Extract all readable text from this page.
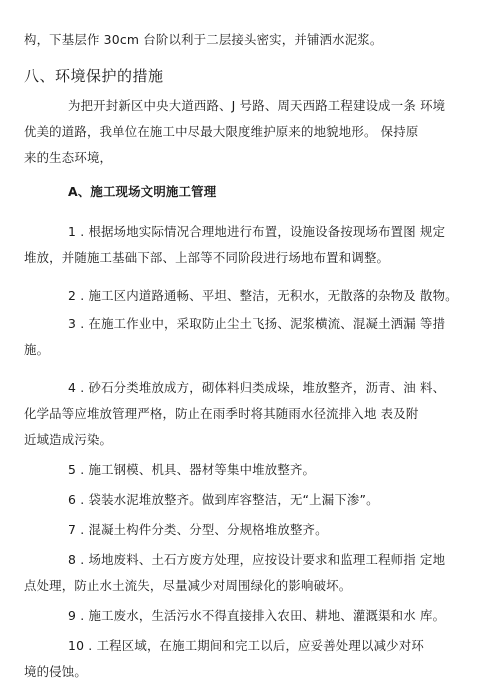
构，下基层作 30cm 台阶以利于二层接头密实，并铺洒水泥浆。
八、环境保护的措施
为把开封新区中央大道西路、J 号路、周天西路工程建设成一条 环境
优美的道路，我单位在施工中尽最大限度维护原来的地貌地形。 保持原
来的生态环境，
A、施工现场文明施工管理
1 . 根据场地实际情况合理地进行布置，设施设备按现场布置图 规定
堆放，并随施工基础下部、上部等不同阶段进行场地布置和调整。
2 . 施工区内道路通畅、平坦、整洁，无积水，无散落的杂物及 散物。
3 . 在施工作业中，采取防止尘土飞扬、泥浆横流、混凝土洒漏 等措
施。
4 . 砂石分类堆放成方，砌体料归类成垛，堆放整齐，沥青、油 料、
化学品等应堆放管理严格，防止在雨季时将其随雨水径流排入地 表及附
近域造成污染。
5 . 施工钢模、机具、器材等集中堆放整齐。
6 . 袋装水泥堆放整齐。做到库容整洁，无“上漏下渗”。
7 . 混凝土构件分类、分型、分规格堆放整齐。
8 . 场地废料、土石方废方处理，应按设计要求和监理工程师指 定地
点处理，防止水土流失，尽量减少对周围绿化的影响破坏。
9 . 施工废水，生活污水不得直接排入农田、耕地、灌溉渠和水 库。
10 . 工程区域，在施工期间和完工以后，应妥善处理以减少对环
境的侵蚀。
